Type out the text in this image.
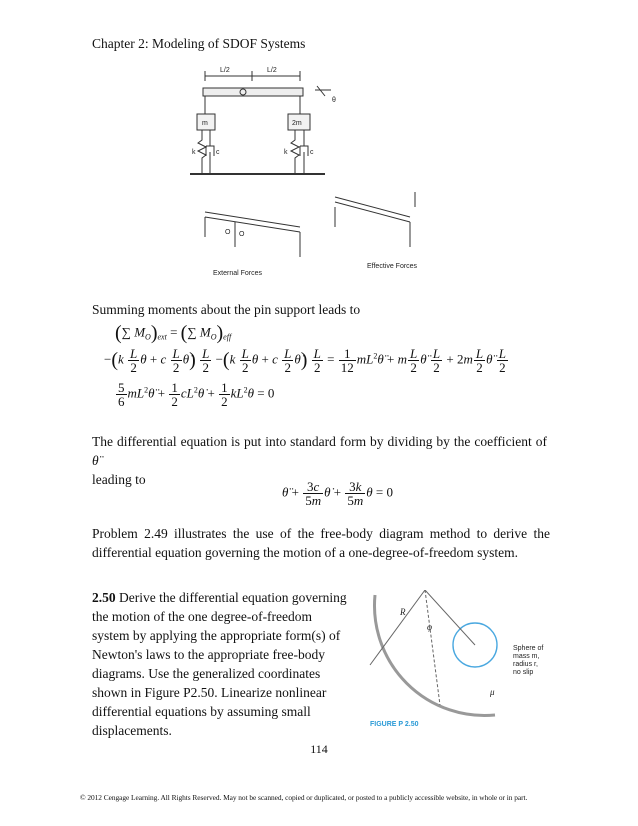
Chapter 2: Modeling of SDOF Systems
L/2	L/2
θ
m	2m
k	c	k	c
O O
External Forces
Effective Forces
Summing moments about the pin support leads to
(∑ $M_O)_{ext}$ = (∑ $M_O)_{eff}$
$-(k \frac{L}{2}$ θ + c $\frac{L}{2}$ θ̇) $\frac{L}{2} -(k \frac{L}{2}$ θ + c $\frac{L}{2}$ θ̇) $\frac{L}{2} = \frac{1}{12}$ $mL^2\thetä + m \frac{L}{2}$ θ̈ $\frac{L}{2} + 2m \frac{L}{2}$ θ̈ $\frac{L}{2}$
$\frac{5}{6}$ $mL^2\thetä + \frac{1}{2}$ $cL^2\thetȧ + \frac{1}{2} kL^2\theta = 0$
The differential equation is put into standard form by dividing by the coefficient of θ̈
leading to
θ̈ + $\frac{3c}{5m}$ θ̇ + $\frac{3k}{5m}$ θ = 0
Problem 2.49 illustrates the use of the free-body diagram method to derive the differential equation governing the motion of a one-degree-of-freedom system.
2.50 Derive the differential equation governing the motion of the one degree-of-freedom system by applying the appropriate form(s) of Newton's laws to the appropriate free-body diagrams. Use the generalized coordinates shown in Figure P2.50. Linearize nonlinear differential equations by assuming small displacements.
R
φ
μ
Sphere of
mass m,
radius r,
no slip
FIGURE P 2.50
114
© 2012 Cengage Learning. All Rights Reserved. May not be scanned, copied or duplicated, or posted to a publicly accessible website, in whole or in part.
